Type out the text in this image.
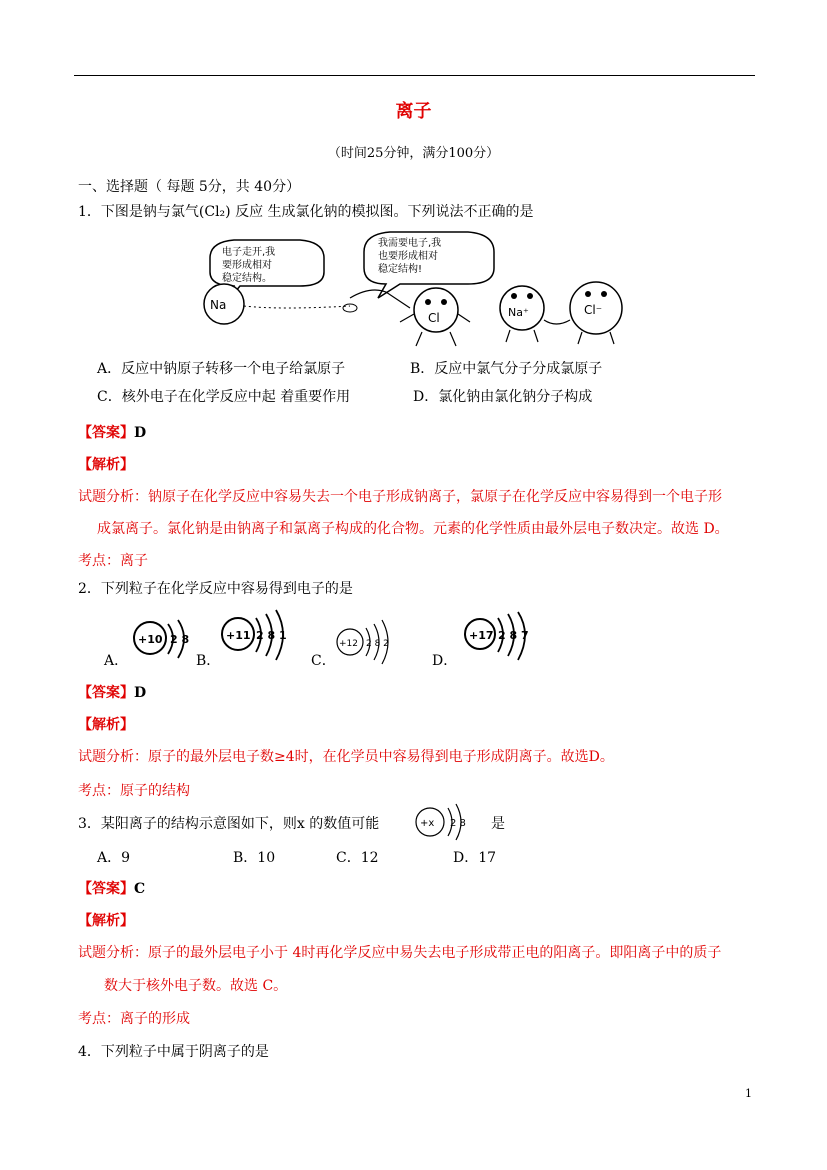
离子
（时间25分钟，满分100分）
一、选择题（ 每题 5分，共 40分）
1．下图是钠与氯气(Cl₂) 反应 生成氯化钠的模拟图。下列说法不正确的是
电子走开,我
要形成相对
稳定结构。
Na
我需要电子,我
也要形成相对
稳定结构!
Cl	Na⁺	Cl⁻
A．反应中钠原子转移一个电子给氯原子	B．反应中氯气分子分成氯原子
C．核外电子在化学反应中起 着重要作用	D．氯化钠由氯化钠分子构成
【答案】D
【解析】
试题分析：钠原子在化学反应中容易失去一个电子形成钠离子，氯原子在化学反应中容易得到一个电子形
成氯离子。氯化钠是由钠离子和氯离子构成的化合物。元素的化学性质由最外层电子数决定。故选 D。
考点：离子
2．下列粒子在化学反应中容易得到电子的是
A．
+10 2 8
B．
+11 2 8 1
C．
+12 2 8 2
D．
+17 2 8 7
【答案】D
【解析】
试题分析：原子的最外层电子数≥4时，在化学员中容易得到电子形成阴离子。故选D。
考点：原子的结构
3．某阳离子的结构示意图如下，则x 的数值可能	+x 2 8 是
A．9	B．10	C．12	D．17
【答案】C
【解析】
试题分析：原子的最外层电子小于 4时再化学反应中易失去电子形成带正电的阳离子。即阳离子中的质子
数大于核外电子数。故选 C。
考点：离子的形成
4．下列粒子中属于阴离子的是
1
